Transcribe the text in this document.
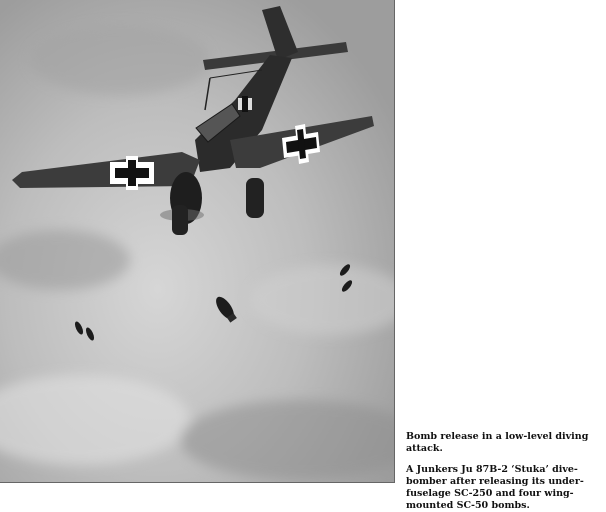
Bomb release in a low-level diving attack.

A Junkers Ju 87B-2 ‘Stuka’ dive-bomber after releasing its under-fuselage SC-250 and four wing-mounted SC-50 bombs.
